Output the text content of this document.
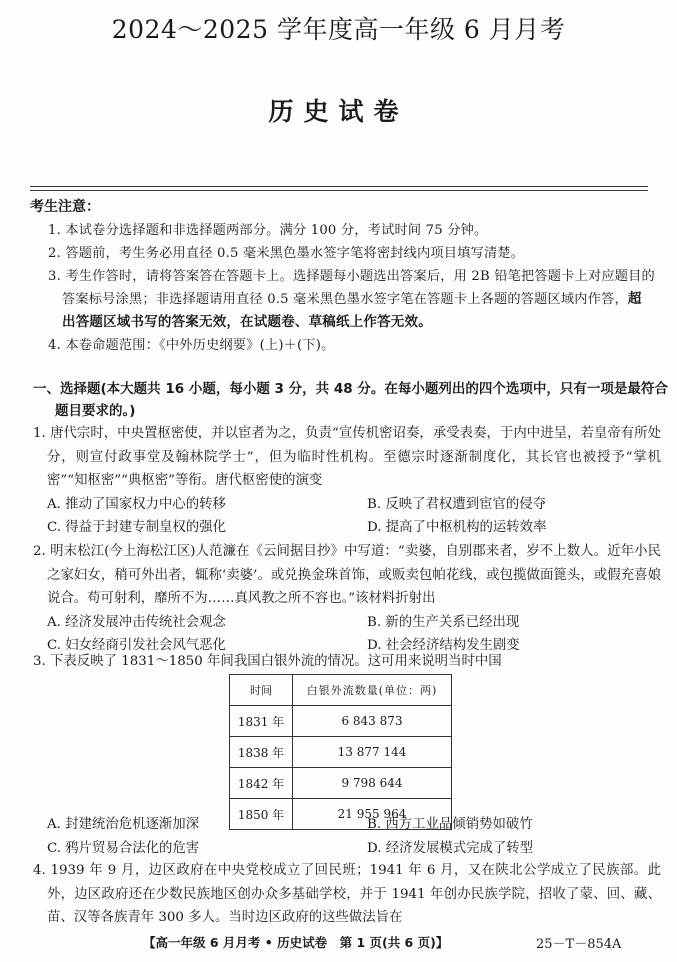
2024～2025 学年度高一年级 6 月月考
历史试卷
考生注意：
1. 本试卷分选择题和非选择题两部分。满分 100 分，考试时间 75 分钟。
2. 答题前，考生务必用直径 0.5 毫米黑色墨水签字笔将密封线内项目填写清楚。
3. 考生作答时，请将答案答在答题卡上。选择题每小题选出答案后，用 2B 铅笔把答题卡上对应题目的答案标号涂黑；非选择题请用直径 0.5 毫米黑色墨水签字笔在答题卡上各题的答题区域内作答，超出答题区域书写的答案无效，在试题卷、草稿纸上作答无效。
4. 本卷命题范围：《中外历史纲要》(上)＋(下)。
一、选择题(本大题共 16 小题，每小题 3 分，共 48 分。在每小题列出的四个选项中，只有一项是最符合题目要求的。)
1. 唐代宗时，中央置枢密使，并以宦者为之，负责“宣传机密诏奏，承受表奏，于内中进呈，若皇帝有所处分，则宣付政事堂及翰林院学士”，但为临时性机构。至德宗时逐渐制度化，其长官也被授予“掌机密”“知枢密”“典枢密”等衔。唐代枢密使的演变
A. 推动了国家权力中心的转移	B. 反映了君权遭到宦官的侵夺
C. 得益于封建专制皇权的强化	D. 提高了中枢机构的运转效率
2. 明末松江(今上海松江区)人范濂在《云间据目抄》中写道：“卖婆，自别郡来者，岁不上数人。近年小民之家妇女，稍可外出者，辄称‘卖婆’。或兑换金珠首饰，或贩卖包帕花线，或包揽做面篦头，或假充喜娘说合。苟可射利，靡所不为……真风教之所不容也。”该材料折射出
A. 经济发展冲击传统社会观念	B. 新的生产关系已经出现
C. 妇女经商引发社会风气恶化	D. 社会经济结构发生剧变
3. 下表反映了 1831～1850 年间我国白银外流的情况。这可用来说明当时中国
时间	白银外流数量(单位：两)
1831 年	6 843 873
1838 年	13 877 144
1842 年	9 798 644
1850 年	21 955 964
A. 封建统治危机逐渐加深	B. 西方工业品倾销势如破竹
C. 鸦片贸易合法化的危害	D. 经济发展模式完成了转型
4. 1939 年 9 月，边区政府在中央党校成立了回民班；1941 年 6 月，又在陕北公学成立了民族部。此外，边区政府还在少数民族地区创办众多基础学校，并于 1941 年创办民族学院，招收了蒙、回、藏、苗、汉等各族青年 300 多人。当时边区政府的这些做法旨在
【高一年级 6 月月考 • 历史试卷　第 1 页(共 6 页)】	25－T－854A
